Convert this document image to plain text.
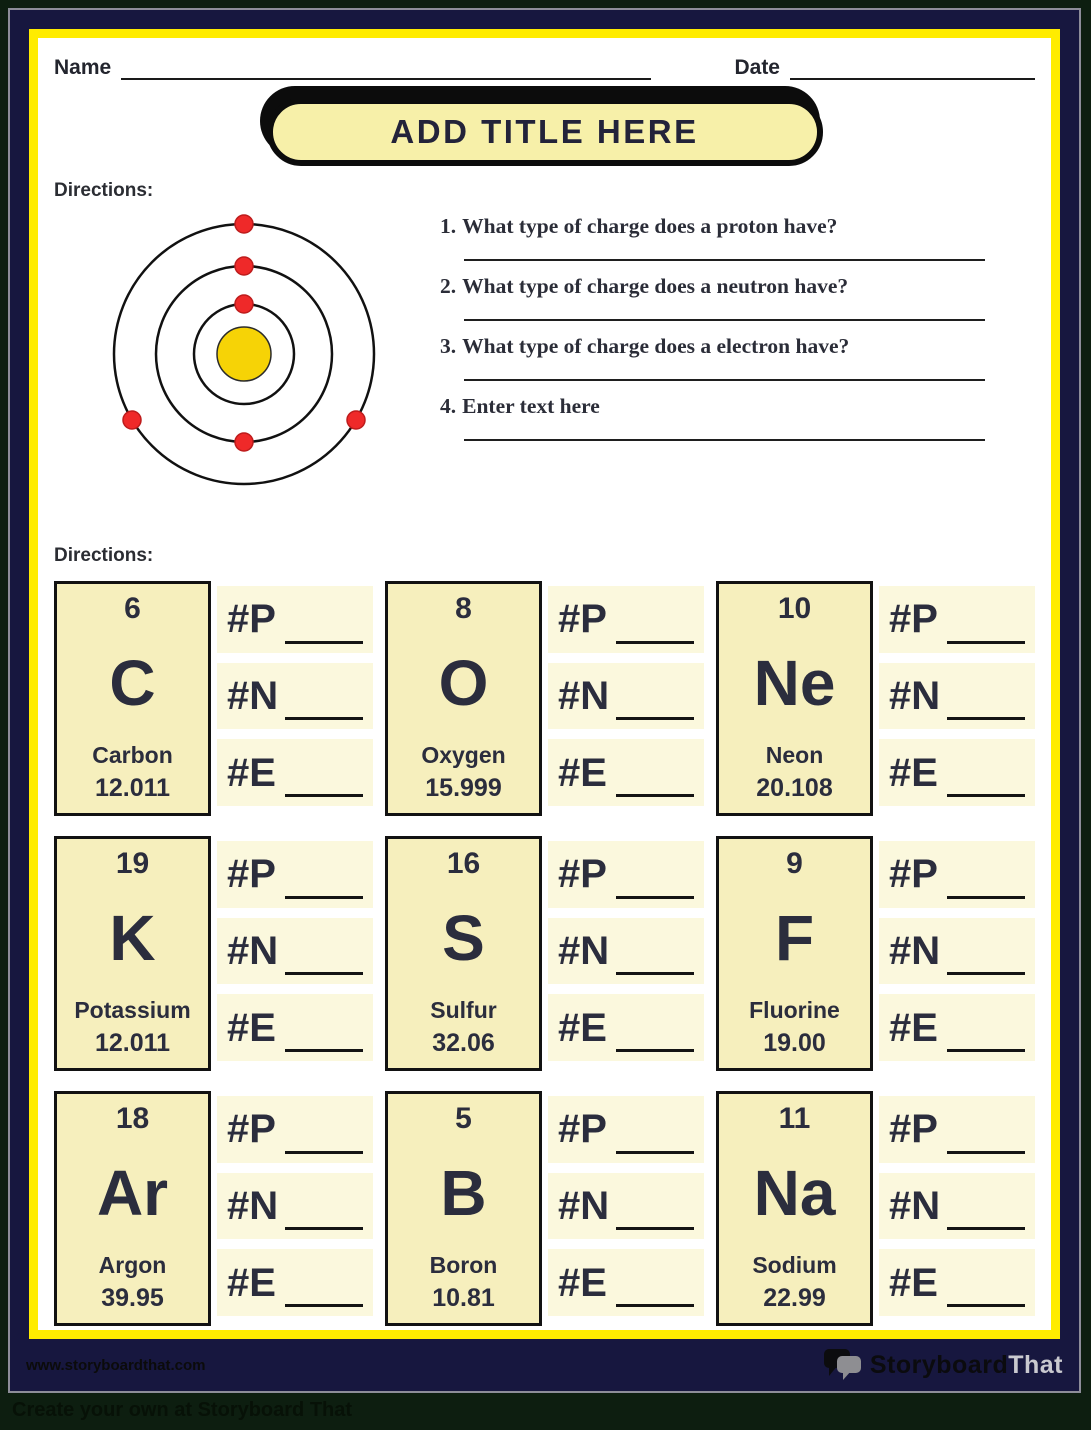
Name	Date
ADD TITLE HERE
Directions:
1. What type of charge does a proton have?
2. What type of charge does a neutron have?
3. What type of charge does a electron have?
4. Enter text here
Directions:
6
C
Carbon
12.011
#P
#N
#E
8
O
Oxygen
15.999
#P
#N
#E
10
Ne
Neon
20.108
#P
#N
#E
19
K
Potassium
12.011
#P
#N
#E
16
S
Sulfur
32.06
#P
#N
#E
9
F
Fluorine
19.00
#P
#N
#E
18
Ar
Argon
39.95
#P
#N
#E
5
B
Boron
10.81
#P
#N
#E
11
Na
Sodium
22.99
#P
#N
#E
www.storyboardthat.com	StoryboardThat
Create your own at Storyboard That
